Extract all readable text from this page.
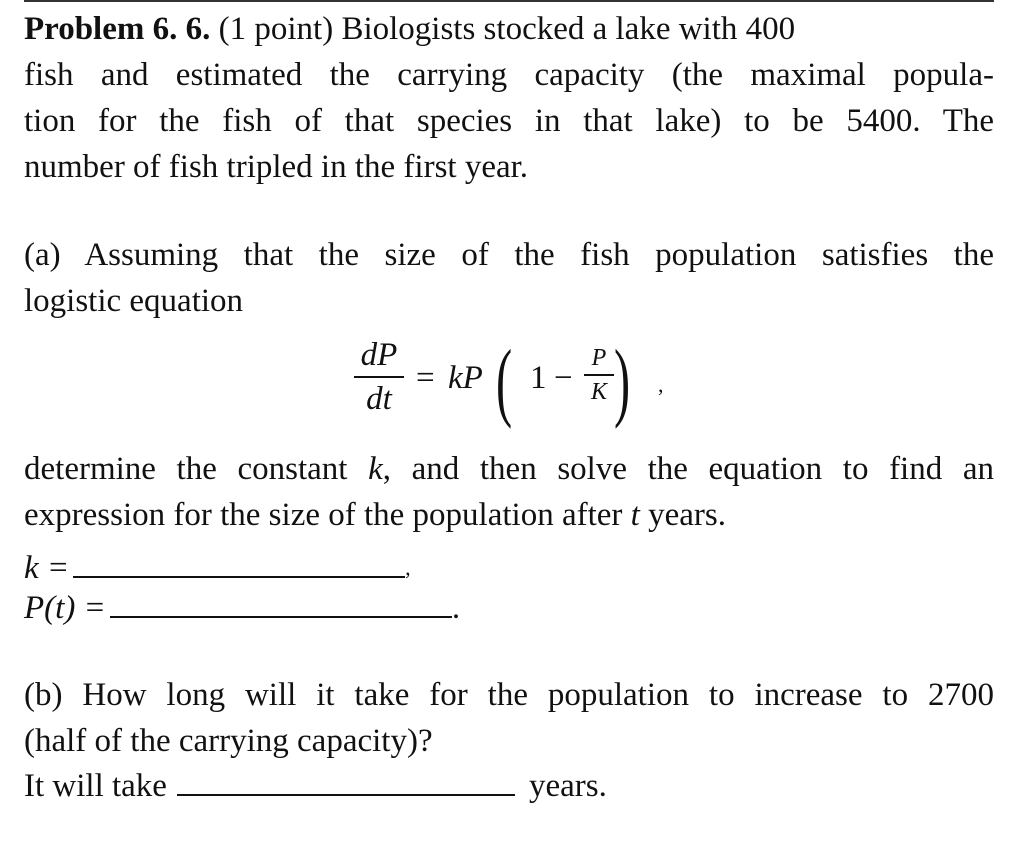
Problem 6. 6. (1 point) Biologists stocked a lake with 400
fish and estimated the carrying capacity (the maximal popula-
tion for the fish of that species in that lake) to be 5400. The
number of fish tripled in the first year.
(a) Assuming that the size of the fish population satisfies the
logistic equation
dP
dt
= kP ( 1 −
P
K ) ,
determine the constant k, and then solve the equation to find an
expression for the size of the population after t years.
k =	,
P(t) =	.
(b) How long will it take for the population to increase to 2700
(half of the carrying capacity)?
It will take	years.
